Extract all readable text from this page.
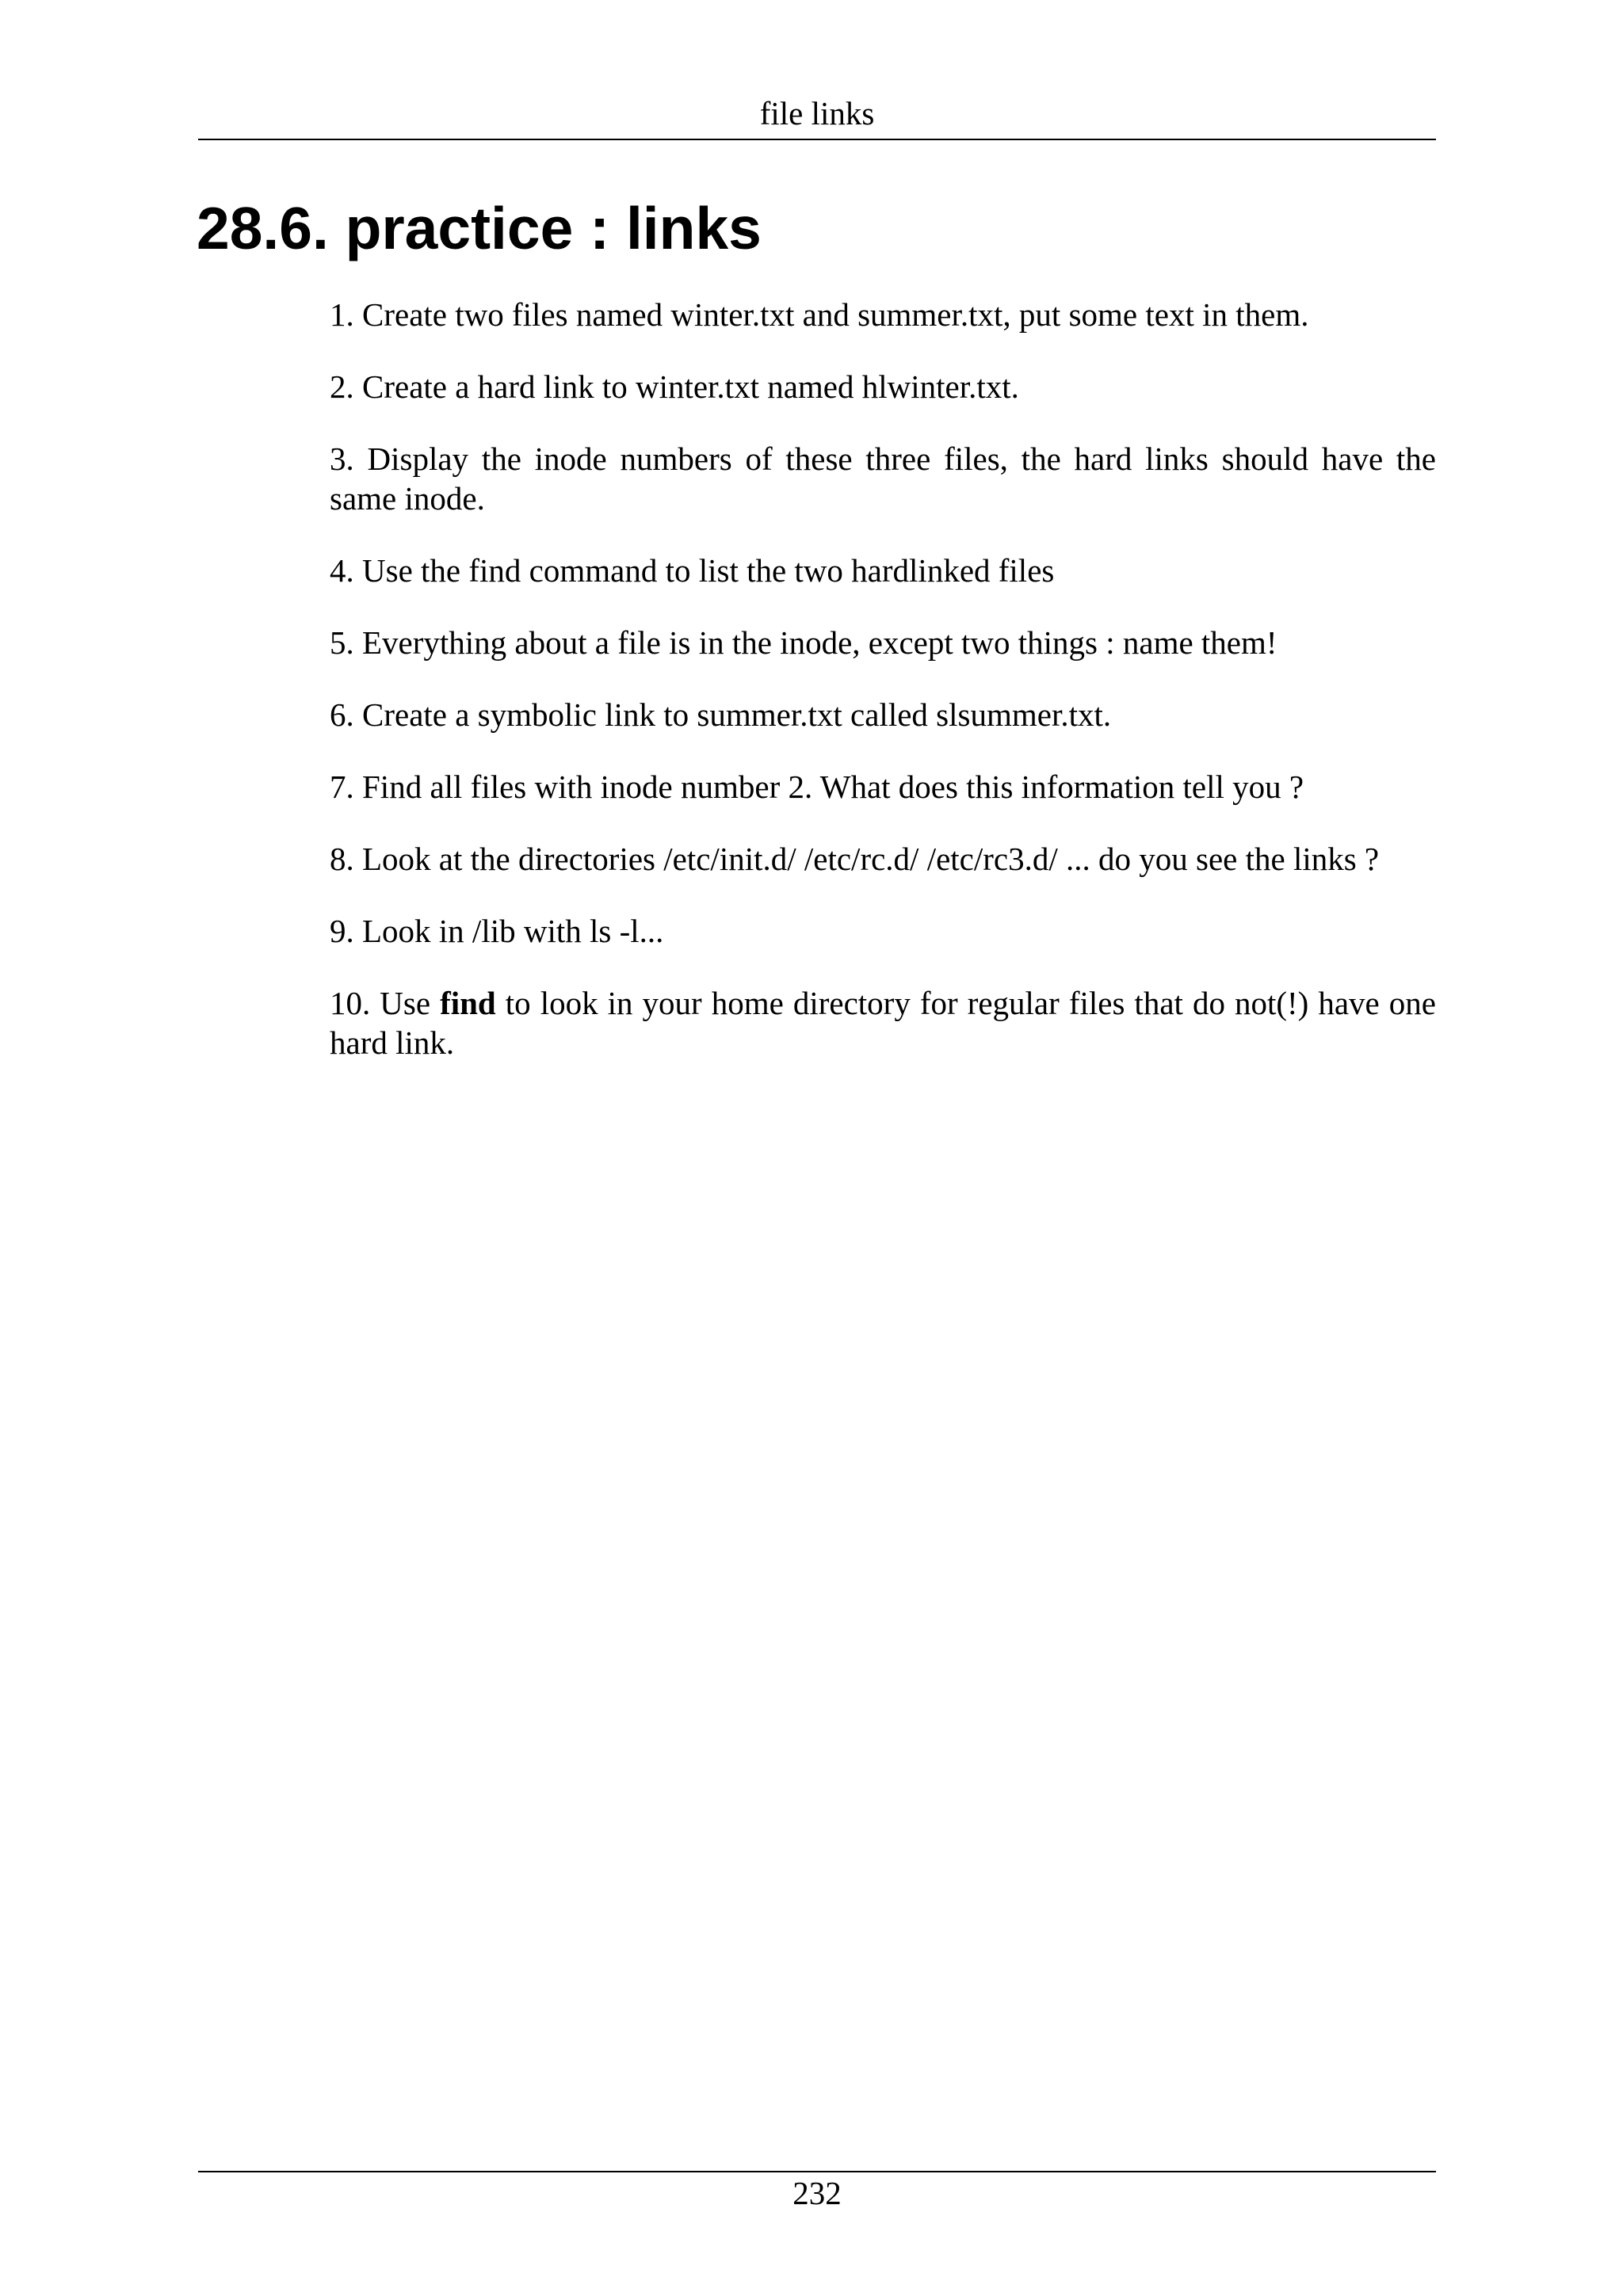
file links
28.6. practice : links
1. Create two files named winter.txt and summer.txt, put some text in them.
2. Create a hard link to winter.txt named hlwinter.txt.
3. Display the inode numbers of these three files, the hard links should have the same inode.
4. Use the find command to list the two hardlinked files
5. Everything about a file is in the inode, except two things : name them!
6. Create a symbolic link to summer.txt called slsummer.txt.
7. Find all files with inode number 2. What does this information tell you ?
8. Look at the directories /etc/init.d/ /etc/rc.d/ /etc/rc3.d/ ... do you see the links ?
9. Look in /lib with ls -l...
10. Use find to look in your home directory for regular files that do not(!) have one hard link.
232
